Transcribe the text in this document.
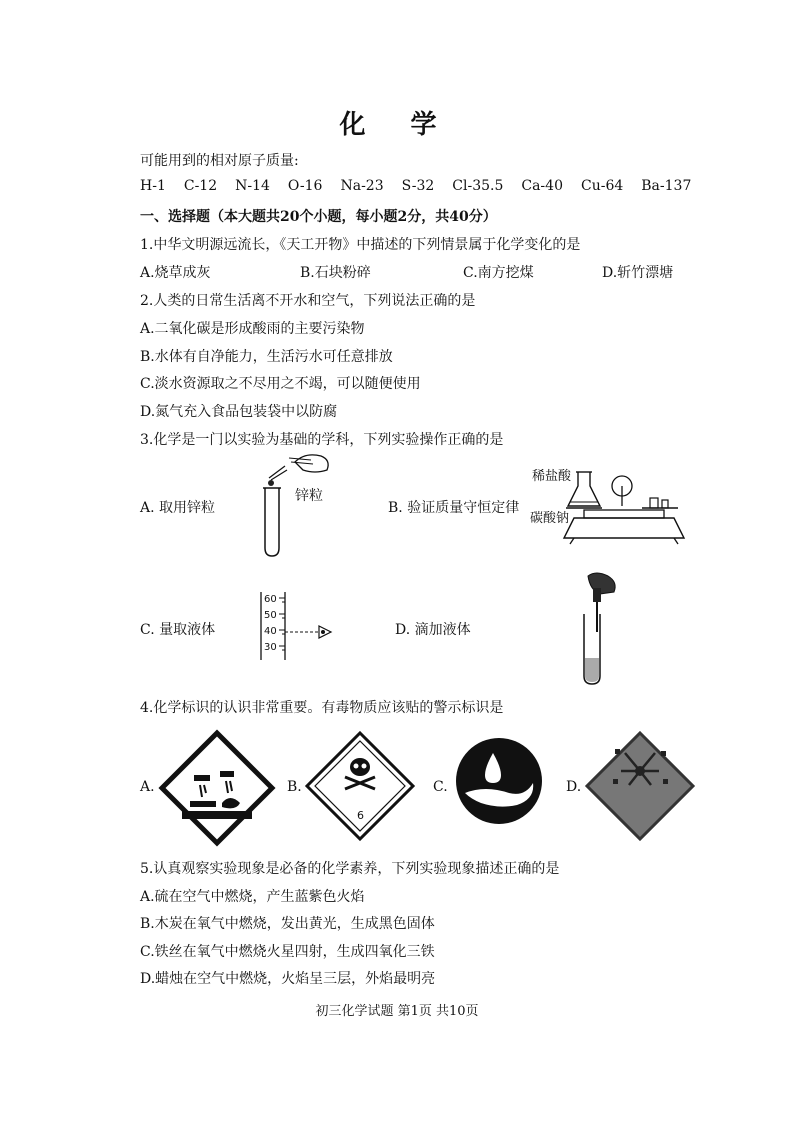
化 学
可能用到的相对原子质量:
H-1 C-12 N-14 O-16 Na-23 S-32 Cl-35.5 Ca-40 Cu-64 Ba-137
一、选择题（本大题共20个小题，每小题2分，共40分）
1.中华文明源远流长，《天工开物》中描述的下列情景属于化学变化的是
A.烧草成灰	B.石块粉碎	C.南方挖煤	D.斩竹漂塘
2.人类的日常生活离不开水和空气，下列说法正确的是
A.二氧化碳是形成酸雨的主要污染物
B.水体有自净能力，生活污水可任意排放
C.淡水资源取之不尽用之不竭，可以随便使用
D.氮气充入食品包装袋中以防腐
3.化学是一门以实验为基础的学科，下列实验操作正确的是
A. 取用锌粒
锌粒
B. 验证质量守恒定律
稀盐酸
碳酸钠
C. 量取液体
60
50
40
30
D. 滴加液体
4.化学标识的认识非常重要。有毒物质应该贴的警示标识是
A.	B.
6
C.	D.
5.认真观察实验现象是必备的化学素养，下列实验现象描述正确的是
A.硫在空气中燃烧，产生蓝紫色火焰
B.木炭在氧气中燃烧，发出黄光，生成黑色固体
C.铁丝在氧气中燃烧火星四射，生成四氧化三铁
D.蜡烛在空气中燃烧，火焰呈三层，外焰最明亮
初三化学试题 第1页 共10页
